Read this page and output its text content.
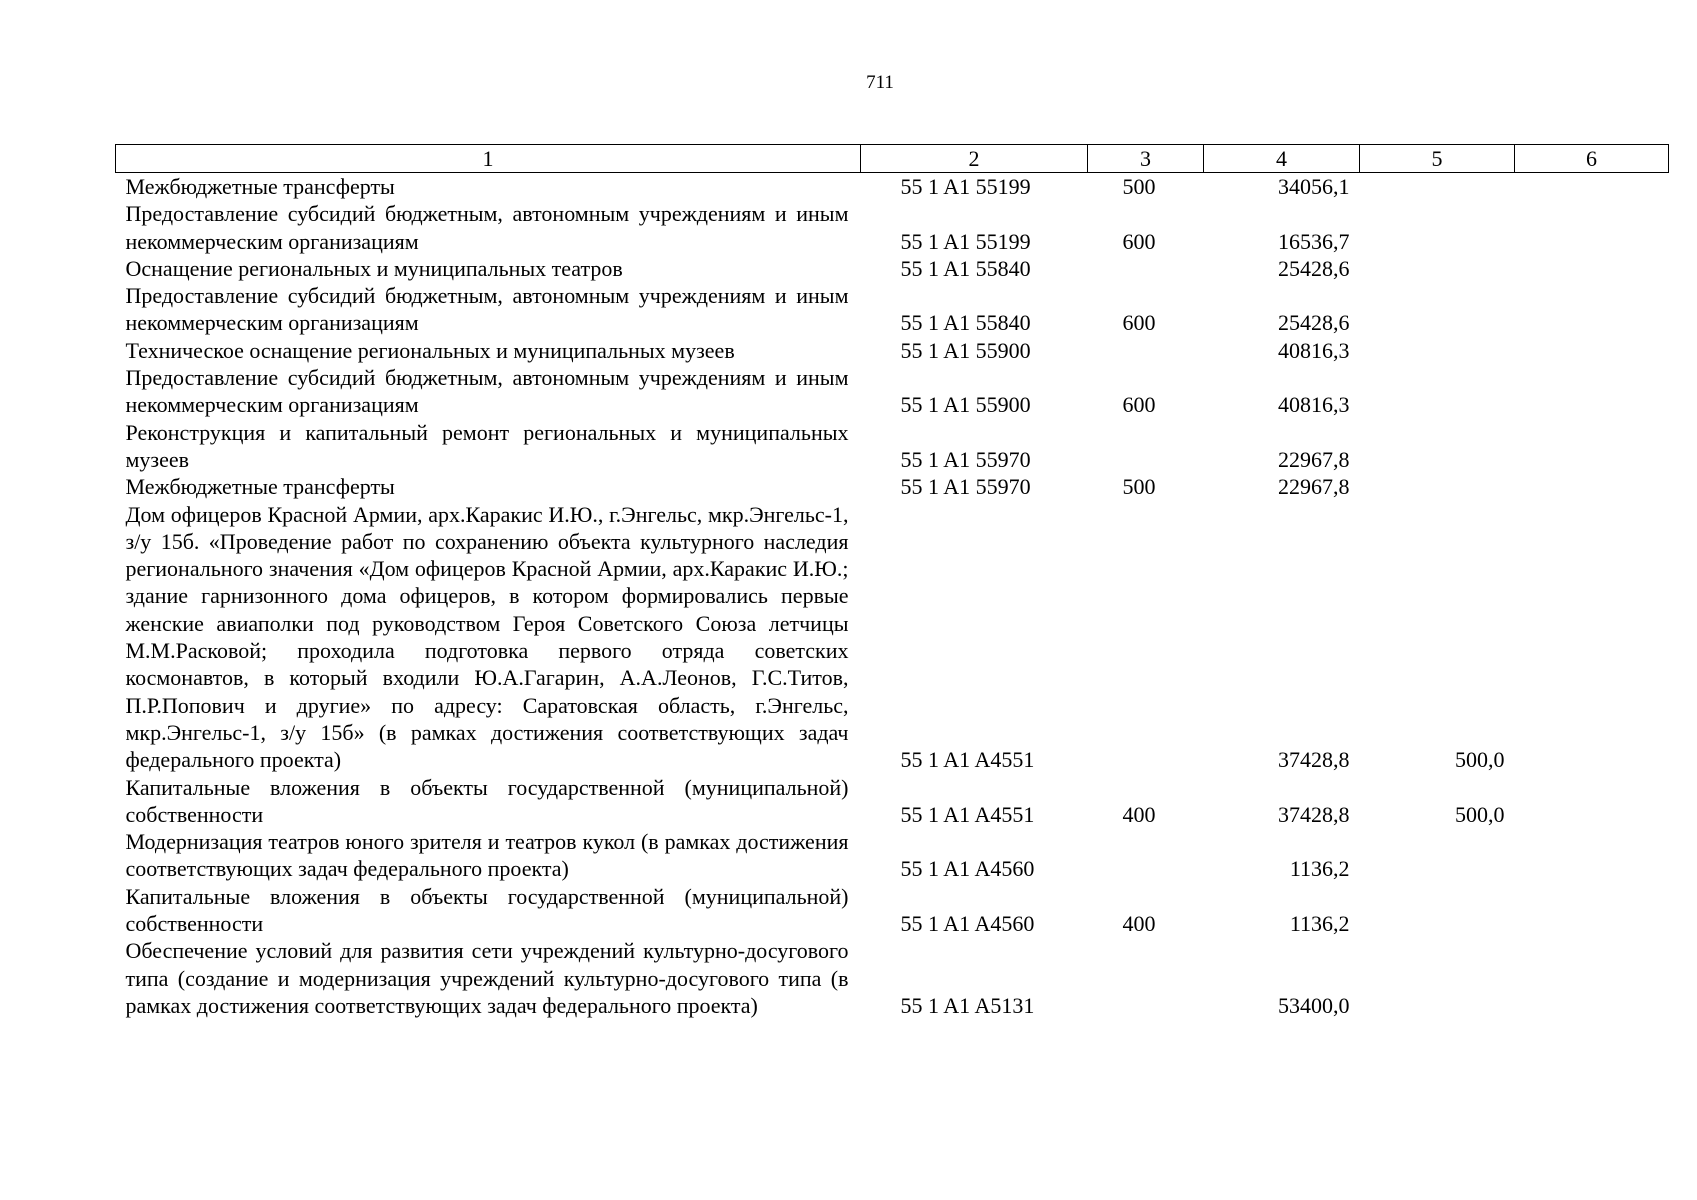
711
1	2	3	4	5	6
Межбюджетные трансферты	55 1 A1 55199	500	34056,1		
Предоставление субсидий бюджетным, автономным учреждениям и иным некоммерческим организациям	55 1 A1 55199	600	16536,7		
Оснащение региональных и муниципальных театров	55 1 A1 55840		25428,6		
Предоставление субсидий бюджетным, автономным учреждениям и иным некоммерческим организациям	55 1 A1 55840	600	25428,6		
Техническое оснащение региональных и муниципальных музеев	55 1 A1 55900		40816,3		
Предоставление субсидий бюджетным, автономным учреждениям и иным некоммерческим организациям	55 1 A1 55900	600	40816,3		
Реконструкция и капитальный ремонт региональных и муниципальных музеев	55 1 A1 55970		22967,8		
Межбюджетные трансферты	55 1 A1 55970	500	22967,8		
Дом офицеров Красной Армии, арх.Каракис И.Ю., г.Энгельс, мкр.Энгельс-1, з/у 15б. «Проведение работ по сохранению объекта культурного наследия регионального значения «Дом офицеров Красной Армии, арх.Каракис И.Ю.; здание гарнизонного дома офицеров, в котором формировались первые женские авиаполки под руководством Героя Советского Союза летчицы М.М.Расковой; проходила подготовка первого отряда советских космонавтов, в который входили Ю.А.Гагарин, А.А.Леонов, Г.С.Титов, П.Р.Попович и другие» по адресу: Саратовская область, г.Энгельс, мкр.Энгельс-1, з/у 15б» (в рамках достижения соответствующих задач федерального проекта)	55 1 A1 A4551		37428,8	500,0	
Капитальные вложения в объекты государственной (муниципальной) собственности	55 1 A1 A4551	400	37428,8	500,0	
Модернизация театров юного зрителя и театров кукол (в рамках достижения соответствующих задач федерального проекта)	55 1 A1 A4560		1136,2		
Капитальные вложения в объекты государственной (муниципальной) собственности	55 1 A1 A4560	400	1136,2		
Обеспечение условий для развития сети учреждений культурно-досугового типа (создание и модернизация учреждений культурно-досугового типа (в рамках достижения соответствующих задач федерального проекта)	55 1 A1 A5131		53400,0		
